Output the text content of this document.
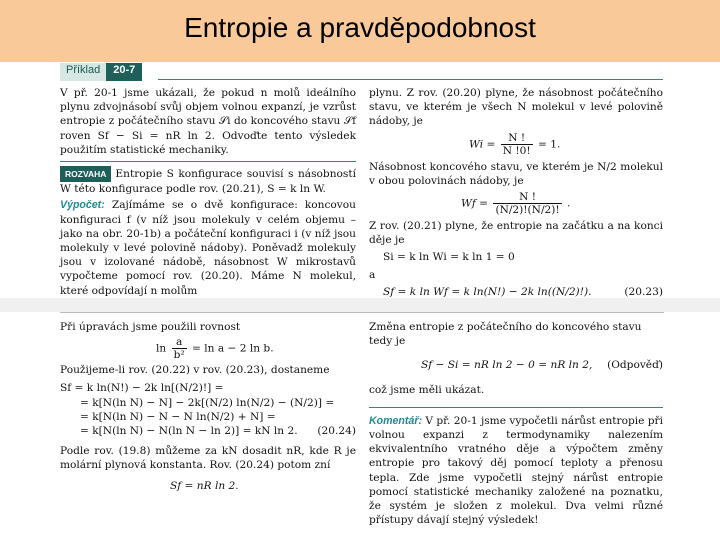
Entropie a pravděpodobnost
Příklad	20-7
V př. 20-1 jsme ukázali, že pokud n molů ideálního plynu zdvojnásobí svůj objem volnou expanzí, je vzrůst entropie z počátečního stavu 𝒮i do koncového stavu 𝒮f roven Sf − Si = nR ln 2. Odvoďte tento výsledek použitím statistické mechaniky.
ROZVAHA Entropie S konfigurace souvisí s násobností W této konfigurace podle rov. (20.21), S = k ln W.
Výpočet: Zajímáme se o dvě konfigurace: koncovou konfiguraci f (v níž jsou molekuly v celém objemu – jako na obr. 20-1b) a počáteční konfiguraci i (v níž jsou molekuly v levé polovině nádoby). Poněvadž molekuly jsou v izolované nádobě, násobnost W mikrostavů vypočteme pomocí rov. (20.20). Máme N molekul, které odpovídají n molům
plynu. Z rov. (20.20) plyne, že násobnost počátečního stavu, ve kterém je všech N molekul v levé polovině nádoby, je
$Wi = \frac{N !}{N !0!} = 1$.
Násobnost koncového stavu, ve kterém je N/2 molekul v obou polovinách nádoby, je
$Wf = \frac{N !}{(N/2)!(N/2)!}$ .
Z rov. (20.21) plyne, že entropie na začátku a na konci děje je
Si = k ln Wi = k ln 1 = 0
a
Sf = k ln Wf = k ln(N!) − 2k ln((N/2)!).	(20.23)
Při úpravách jsme použili rovnost
$\ln \frac{a}{\text{b²}} = \ln a - 2$ ln b.
Použijeme-li rov. (20.22) v rov. (20.23), dostaneme
Sf = k ln(N!) − 2k ln[(N/2)!] =
= k[N(ln N) − N] − 2k[(N/2) ln(N/2) − (N/2)] =
= k[N(ln N) − N − N ln(N/2) + N] =
= k[N(ln N) − N(ln N − ln 2)] = kN ln 2. (20.24)
Podle rov. (19.8) můžeme za kN dosadit nR, kde R je molární plynová konstanta. Rov. (20.24) potom zní
Sf = nR ln 2.
Změna entropie z počátečního do koncového stavu tedy je
Sf − Si = nR ln 2 − 0 = nR ln 2, (Odpověď)
což jsme měli ukázat.
Komentář: V př. 20-1 jsme vypočetli nárůst entropie při volnou expanzi z termodynamiky nalezením ekvivalentního vratného děje a výpočtem změny entropie pro takový děj pomocí teploty a přenosu tepla. Zde jsme vypočetli stejný nárůst entropie pomocí statistické mechaniky založené na poznatku, že systém je složen z molekul. Dva velmi různé přístupy dávají stejný výsledek!
